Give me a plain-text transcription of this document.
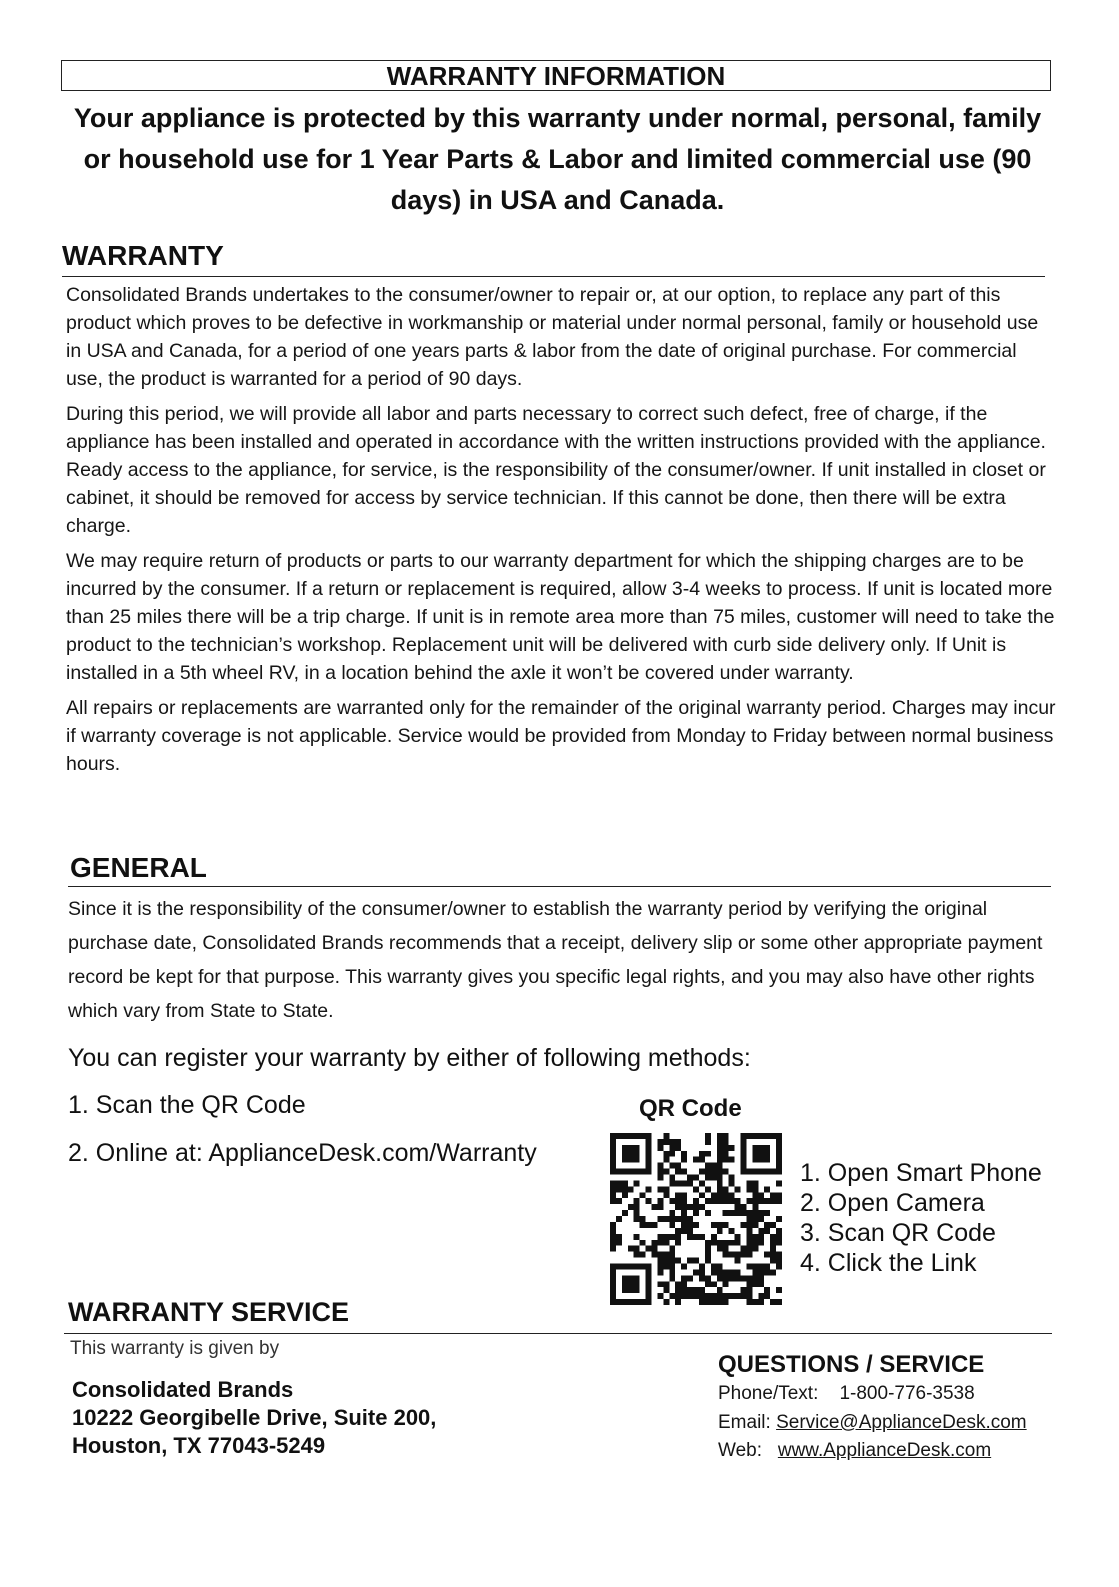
WARRANTY INFORMATION
Your appliance is protected by this warranty under normal, personal, family or household use for 1 Year Parts & Labor and limited commercial use (90 days) in USA and Canada.
WARRANTY

Consolidated Brands undertakes to the consumer/owner to repair or, at our option, to replace any part of this product which proves to be defective in workmanship or material under normal personal, family or household use in USA and Canada, for a period of one years parts & labor from the date of original purchase. For commercial use, the product is warranted for a period of 90 days.

During this period, we will provide all labor and parts necessary to correct such defect, free of charge, if the appliance has been installed and operated in accordance with the written instructions provided with the appliance. Ready access to the appliance, for service, is the responsibility of the consumer/owner. If unit installed in closet or cabinet, it should be removed for access by service technician. If this cannot be done, then there will be extra charge.

We may require return of products or parts to our warranty department for which the shipping charges are to be incurred by the consumer. If a return or replacement is required, allow 3-4 weeks to process. If unit is located more than 25 miles there will be a trip charge. If unit is in remote area more than 75 miles, customer will need to take the product to the technician’s workshop. Replacement unit will be delivered with curb side delivery only. If Unit is installed in a 5th wheel RV, in a location behind the axle it won’t be covered under warranty.

All repairs or replacements are warranted only for the remainder of the original warranty period. Charges may incur if warranty coverage is not applicable. Service would be provided from Monday to Friday between normal business hours.

GENERAL
Since it is the responsibility of the consumer/owner to establish the warranty period by verifying the original purchase date, Consolidated Brands recommends that a receipt, delivery slip or some other appropriate payment record be kept for that purpose. This warranty gives you specific legal rights, and you may also have other rights which vary from State to State.
You can register your warranty by either of following methods:
1. Scan the QR Code
2. Online at: ApplianceDesk.com/Warranty
QR Code
1. Open Smart Phone
2. Open Camera
3. Scan QR Code
4. Click the Link
WARRANTY SERVICE
This warranty is given by
Consolidated Brands
10222 Georgibelle Drive, Suite 200,
Houston, TX 77043-5249
QUESTIONS / SERVICE
Phone/Text: 1-800-776-3538
Email: Service@ApplianceDesk.com
Web: www.ApplianceDesk.com
